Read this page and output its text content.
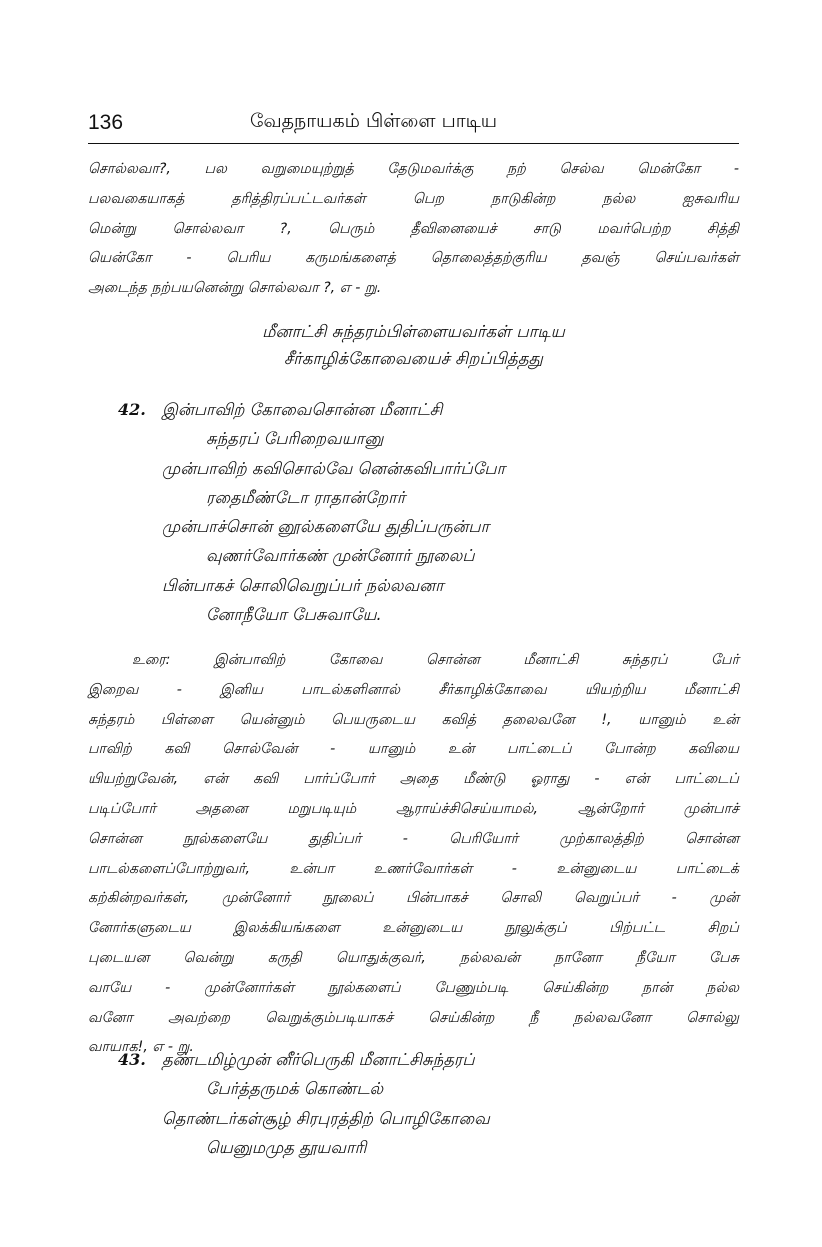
136	வேதநாயகம் பிள்ளை பாடிய
சொல்லவா?, பல வறுமையுற்றுத் தேடுமவர்க்கு நற் செல்வ மென்கோ -
பலவகையாகத் தரித்திரப்பட்டவர்கள் பெற நாடுகின்ற நல்ல ஐசுவரிய
மென்று சொல்லவா ?, பெரும் தீவினையைச் சாடு மவர்பெற்ற சித்தி
யென்கோ - பெரிய கருமங்களைத் தொலைத்தற்குரிய தவஞ் செய்பவர்கள்
அடைந்த நற்பயனென்று சொல்லவா ?, எ - று.
மீனாட்சி சுந்தரம்பிள்ளையவர்கள் பாடிய
சீர்காழிக்கோவையைச் சிறப்பித்தது
42. இன்பாவிற் கோவைசொன்ன மீனாட்சி
சுந்தரப் பேரிறைவயானு
முன்பாவிற் கவிசொல்வே னென்கவிபார்ப்போ
ரதைமீண்டோ ராதான்றோர்
முன்பாச்சொன் னூல்களையே துதிப்பருன்பா
வுணர்வோர்கண் முன்னோர் நூலைப்
பின்பாகச் சொலிவெறுப்பர் நல்லவனா
னோநீயோ பேசுவாயே.
உரை: இன்பாவிற் கோவை சொன்ன மீனாட்சி சுந்தரப் பேர்
இறைவ - இனிய பாடல்களினால் சீர்காழிக்கோவை யியற்றிய மீனாட்சி
சுந்தரம் பிள்ளை யென்னும் பெயருடைய கவித் தலைவனே !, யானும் உன்
பாவிற் கவி சொல்வேன் - யானும் உன் பாட்டைப் போன்ற கவியை
யியற்றுவேன், என் கவி பார்ப்போர் அதை மீண்டு ஓராது - என் பாட்டைப்
படிப்போர் அதனை மறுபடியும் ஆராய்ச்சிசெய்யாமல், ஆன்றோர் முன்பாச்
சொன்ன நூல்களையே துதிப்பர் - பெரியோர் முற்காலத்திற் சொன்ன
பாடல்களைப்போற்றுவர், உன்பா உணர்வோர்கள் - உன்னுடைய பாட்டைக்
கற்கின்றவர்கள், முன்னோர் நூலைப் பின்பாகச் சொலி வெறுப்பர் - முன்
னோர்களுடைய இலக்கியங்களை உன்னுடைய நூலுக்குப் பிற்பட்ட சிறப்
புடையன வென்று கருதி யொதுக்குவர், நல்லவன் நானோ நீயோ பேசு
வாயே - முன்னோர்கள் நூல்களைப் பேணும்படி செய்கின்ற நான் நல்ல
வனோ அவற்றை வெறுக்கும்படியாகச் செய்கின்ற நீ நல்லவனோ சொல்லு
வாயாக!, எ - று.
43. தண்டமிழ்முன் னீர்பெருகி மீனாட்சிசுந்தரப்
பேர்த்தருமக் கொண்டல்
தொண்டர்கள்சூழ் சிரபுரத்திற் பொழிகோவை
யெனுமமுத தூயவாரி
